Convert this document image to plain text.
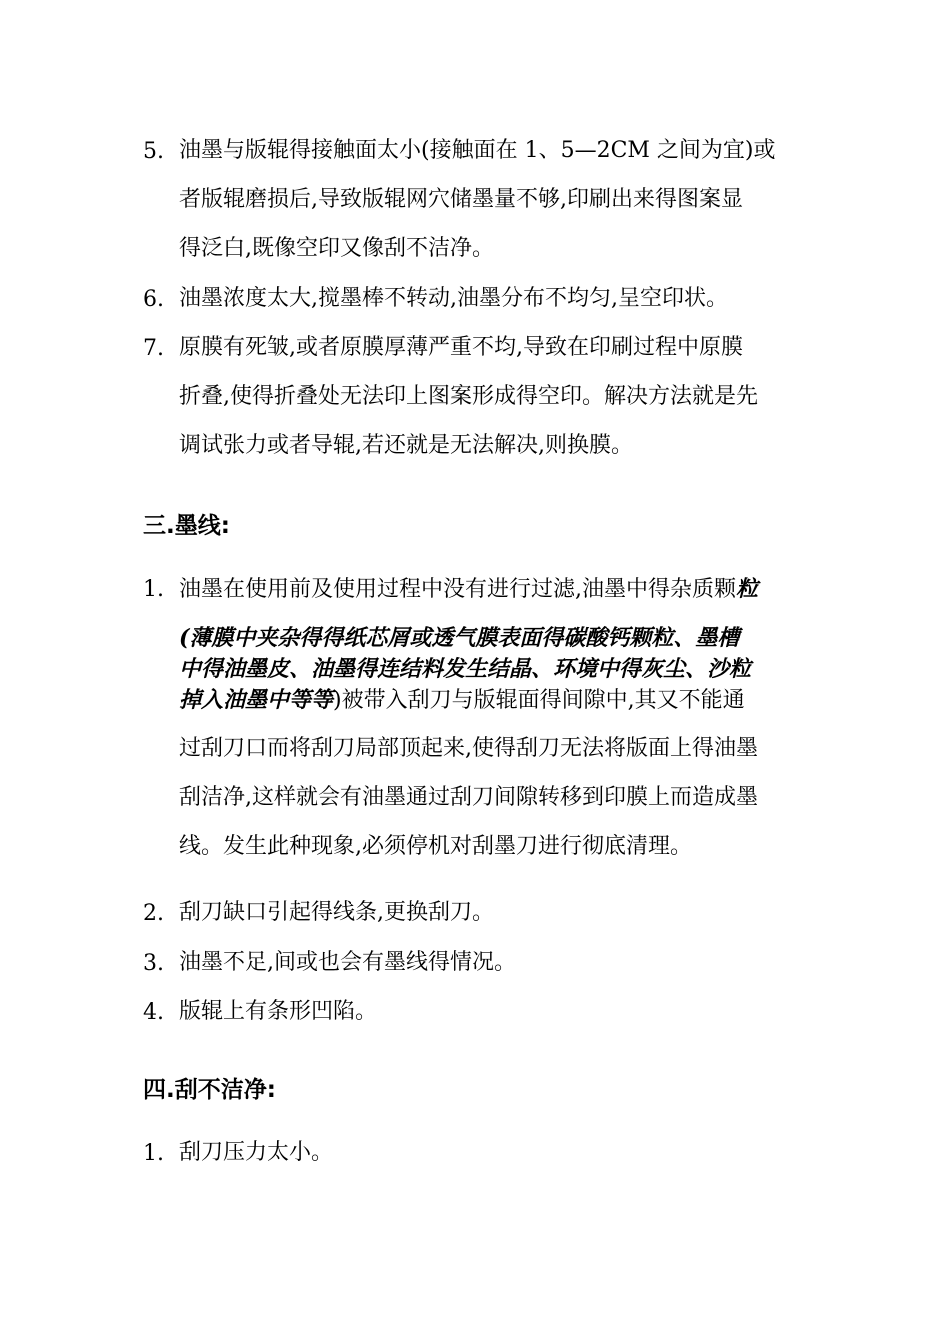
5. 油墨与版辊得接触面太小(接触面在 1、5—2CM 之间为宜)或
者版辊磨损后,导致版辊网穴储墨量不够,印刷出来得图案显
得泛白,既像空印又像刮不洁净。
6. 油墨浓度太大,搅墨棒不转动,油墨分布不均匀,呈空印状。
7. 原膜有死皱,或者原膜厚薄严重不均,导致在印刷过程中原膜
折叠,使得折叠处无法印上图案形成得空印。解决方法就是先
调试张力或者导辊,若还就是无法解决,则换膜。
三.墨线:
1. 油墨在使用前及使用过程中没有进行过滤,油墨中得杂质颗粒
(薄膜中夹杂得得纸芯屑或透气膜表面得碳酸钙颗粒、墨槽
中得油墨皮、油墨得连结料发生结晶、环境中得灰尘、沙粒
掉入油墨中等等)被带入刮刀与版辊面得间隙中,其又不能通
过刮刀口而将刮刀局部顶起来,使得刮刀无法将版面上得油墨
刮洁净,这样就会有油墨通过刮刀间隙转移到印膜上而造成墨
线。发生此种现象,必须停机对刮墨刀进行彻底清理。
2. 刮刀缺口引起得线条,更换刮刀。
3. 油墨不足,间或也会有墨线得情况。
4. 版辊上有条形凹陷。
四.刮不洁净:
1. 刮刀压力太小。
